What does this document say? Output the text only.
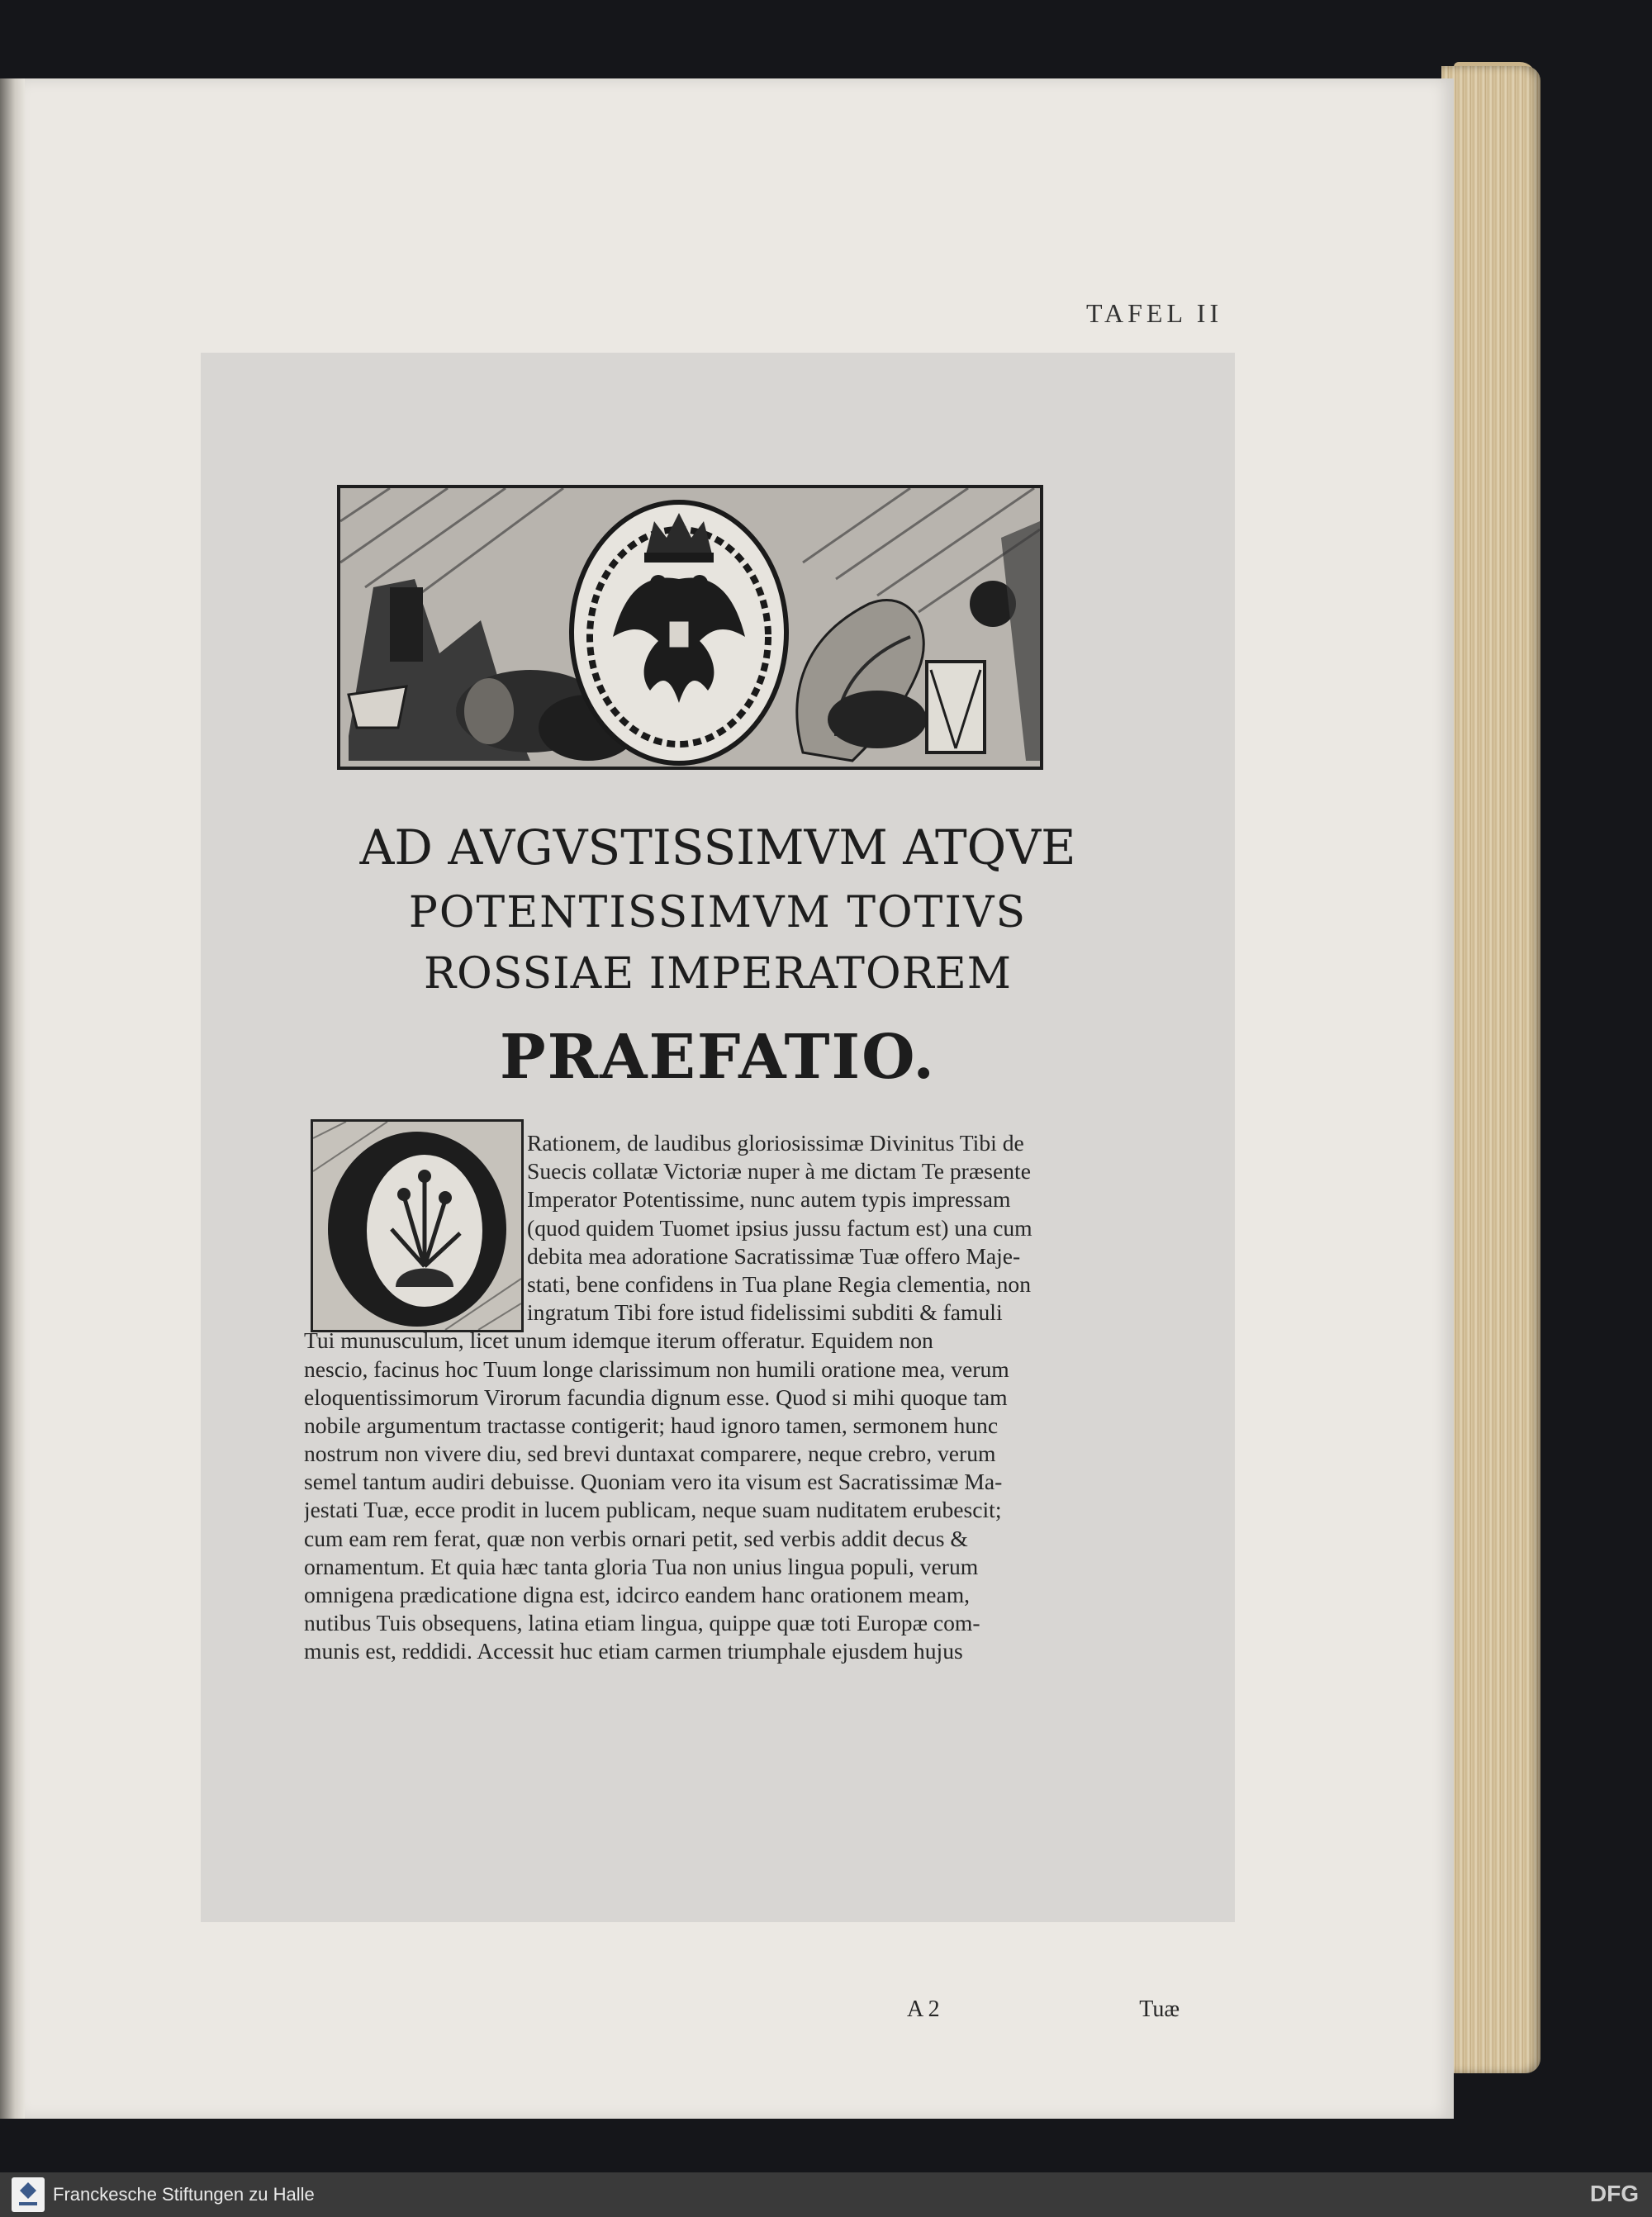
TAFEL II
AD AVGVSTISSIMVM ATQVE
POTENTISSIMVM TOTIVS
ROSSIAE IMPERATOREM
PRAEFATIO.
Rationem, de laudibus gloriosissimæ Divinitus Tibi de
Suecis collatæ Victoriæ nuper à me dictam Te præsente
Imperator Potentissime, nunc autem typis impressam
(quod quidem Tuomet ipsius jussu factum est) una cum
debita mea adoratione Sacratissimæ Tuæ offero Maje-
stati, bene confidens in Tua plane Regia clementia, non
ingratum Tibi fore istud fidelissimi subditi & famuli
Tui munusculum, licet unum idemque iterum offeratur. Equidem non
nescio, facinus hoc Tuum longe clarissimum non humili oratione mea, verum
eloquentissimorum Virorum facundia dignum esse. Quod si mihi quoque tam
nobile argumentum tractasse contigerit; haud ignoro tamen, sermonem hunc
nostrum non vivere diu, sed brevi duntaxat comparere, neque crebro, verum
semel tantum audiri debuisse. Quoniam vero ita visum est Sacratissimæ Ma-
jestati Tuæ, ecce prodit in lucem publicam, neque suam nuditatem erubescit;
cum eam rem ferat, quæ non verbis ornari petit, sed verbis addit decus &
ornamentum. Et quia hæc tanta gloria Tua non unius lingua populi, verum
omnigena prædicatione digna est, idcirco eandem hanc orationem meam,
nutibus Tuis obsequens, latina etiam lingua, quippe quæ toti Europæ com-
munis est, reddidi. Accessit huc etiam carmen triumphale ejusdem hujus
A 2	Tuæ
Franckesche Stiftungen zu Halle	DFG
